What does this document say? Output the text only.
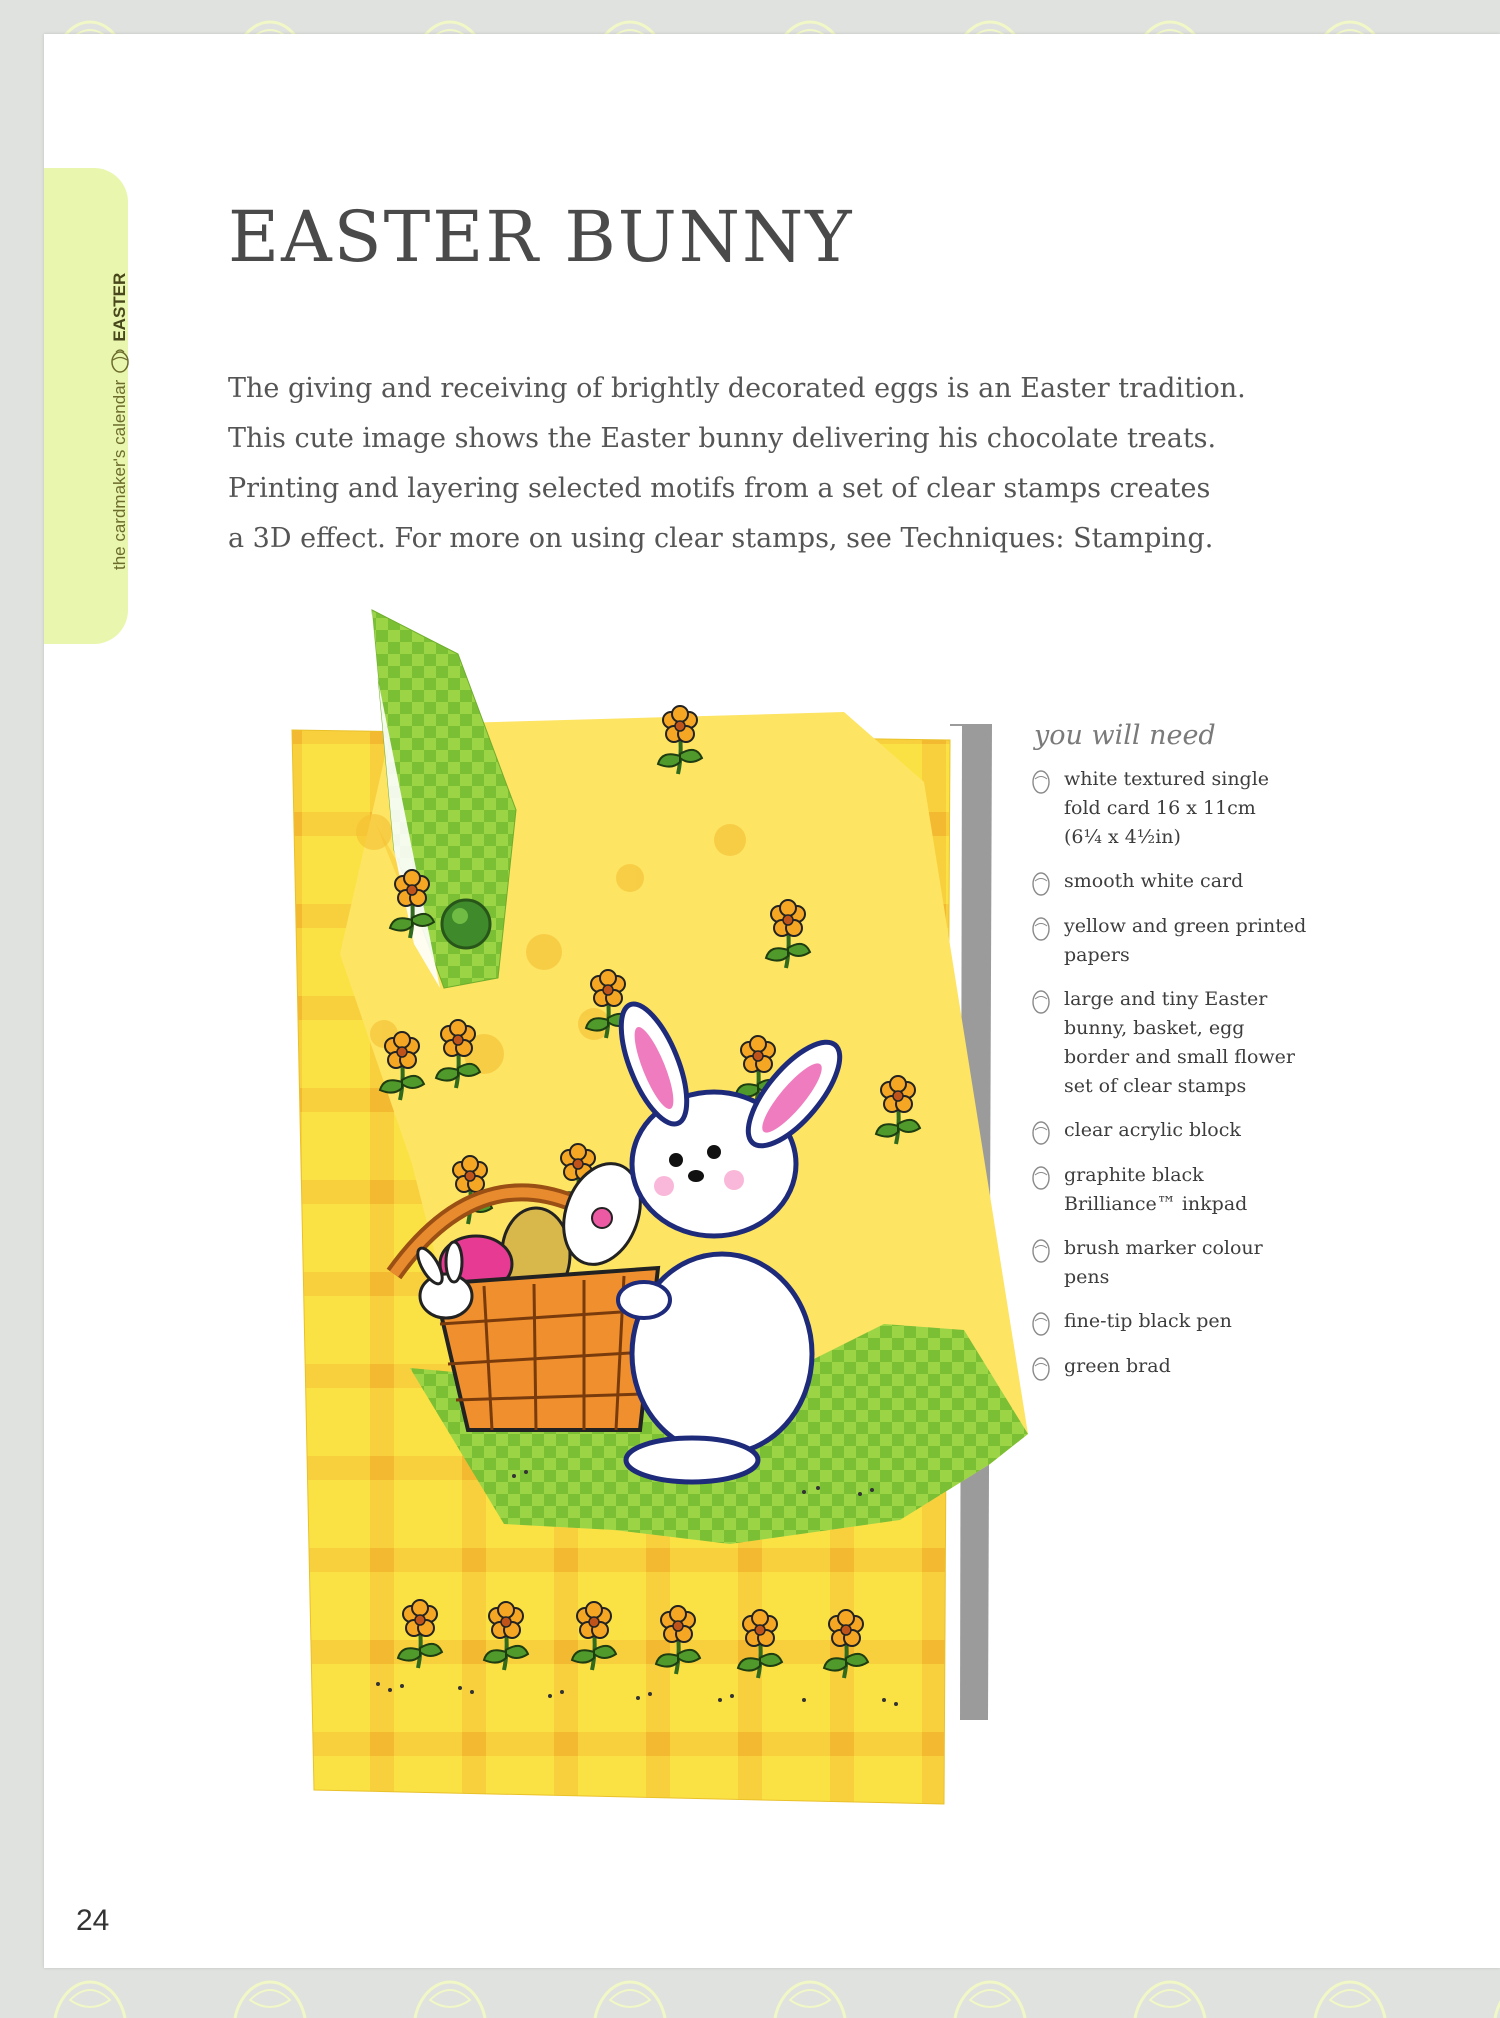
the cardmaker's calendar
EASTER
EASTER BUNNY
The giving and receiving of brightly decorated eggs is an Easter tradition.
This cute image shows the Easter bunny delivering his chocolate treats.
Printing and layering selected motifs from a set of clear stamps creates
a 3D effect. For more on using clear stamps, see Techniques: Stamping.
you will need
white textured single
fold card 16 x 11cm
(6¼ x 4½in)
smooth white card
yellow and green printed
papers
large and tiny Easter
bunny, basket, egg
border and small flower
set of clear stamps
clear acrylic block
graphite black
Brilliance™ inkpad
brush marker colour
pens
fine-tip black pen
green brad
24
